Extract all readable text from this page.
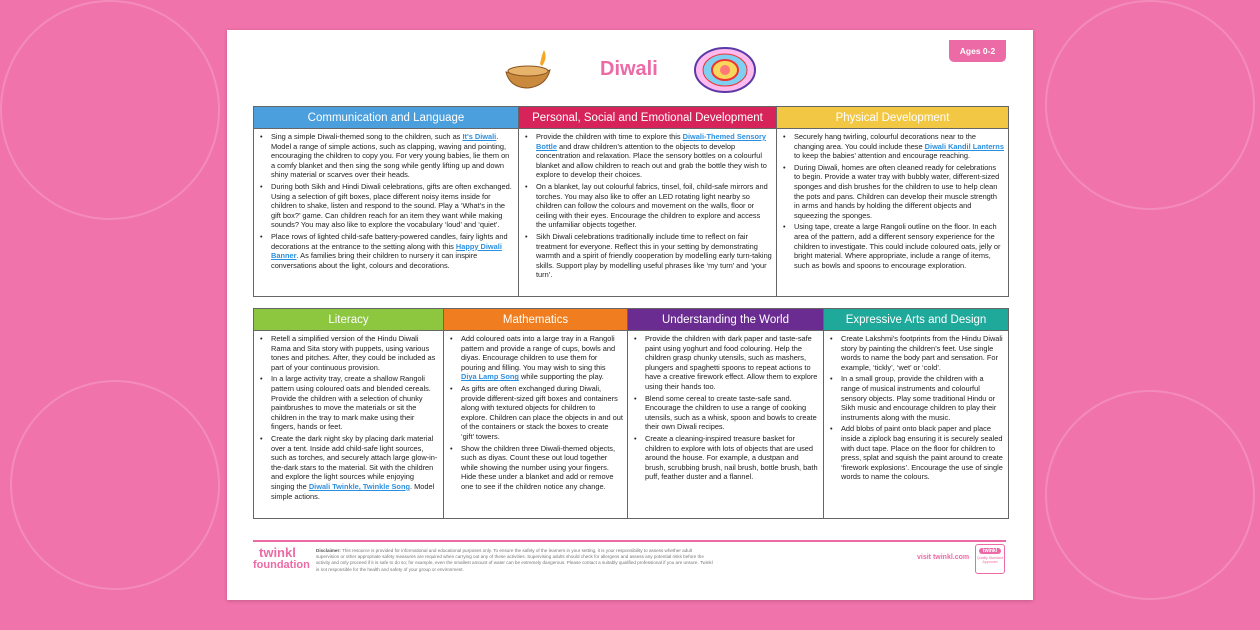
Diwali
Ages 0-2
Communication and Language
• Sing a simple Diwali-themed song to the children, such as It's Diwali. Model a range of simple actions, such as clapping, waving and pointing, encouraging the children to copy you. For very young babies, lie them on a comfy blanket and then sing the song while gently lifting up and down shiny material or scarves over their heads.
• During both Sikh and Hindi Diwali celebrations, gifts are often exchanged. Using a selection of gift boxes, place different noisy items inside for children to shake, listen and respond to the sound. Play a ‘What’s in the gift box?’ game. Can children reach for an item they want while making sounds? You may also like to explore the vocabulary ‘loud’ and ‘quiet’.
• Place rows of lighted child-safe battery-powered candles, fairy lights and decorations at the entrance to the setting along with this Happy Diwali Banner. As families bring their children to nursery it can inspire conversations about the light, colours and decorations.
Personal, Social and Emotional Development
• Provide the children with time to explore this Diwali-Themed Sensory Bottle and draw children’s attention to the objects to develop concentration and relaxation. Place the sensory bottles on a colourful blanket and allow children to reach out and grab the bottle they wish to explore to develop their choices.
• On a blanket, lay out colourful fabrics, tinsel, foil, child-safe mirrors and torches. You may also like to offer an LED rotating light nearby so children can follow the colours and movement on the walls, floor or ceiling with their eyes. Encourage the children to explore and access the unfamiliar objects together.
• Sikh Diwali celebrations traditionally include time to reflect on fair treatment for everyone. Reflect this in your setting by demonstrating warmth and a spirit of friendly cooperation by modelling early turn-taking skills. Support play by modelling useful phrases like ‘my turn’ and ‘your turn’.
Physical Development
• Securely hang twirling, colourful decorations near to the changing area. You could include these Diwali Kandil Lanterns to keep the babies’ attention and encourage reaching.
• During Diwali, homes are often cleaned ready for celebrations to begin. Provide a water tray with bubbly water, different-sized sponges and dish brushes for the children to use to help clean the pots and pans. Children can develop their muscle strength in arms and hands by holding the different objects and squeezing the sponges.
• Using tape, create a large Rangoli outline on the floor. In each area of the pattern, add a different sensory experience for the children to investigate. This could include coloured oats, jelly or bright material. Where appropriate, include a range of items, such as bowls and spoons to encourage exploration.
Literacy
• Retell a simplified version of the Hindu Diwali Rama and Sita story with puppets, using various tones and pitches. After, they could be included as part of your continuous provision.
• In a large activity tray, create a shallow Rangoli pattern using coloured oats and blended cereals. Provide the children with a selection of chunky paintbrushes to move the materials or sit the children in the tray to mark make using their fingers, hands or feet.
• Create the dark night sky by placing dark material over a tent. Inside add child-safe light sources, such as torches, and securely attach large glow-in-the-dark stars to the material. Sit with the children and explore the light sources while enjoying singing the Diwali Twinkle, Twinkle Song. Model simple actions.
Mathematics
• Add coloured oats into a large tray in a Rangoli pattern and provide a range of cups, bowls and diyas. Encourage children to use them for pouring and filling. You may wish to sing this Diya Lamp Song while supporting the play.
• As gifts are often exchanged during Diwali, provide different-sized gift boxes and containers along with textured objects for children to explore. Children can place the objects in and out of the containers or stack the boxes to create ‘gift’ towers.
• Show the children three Diwali-themed objects, such as diyas. Count these out loud together while showing the number using your fingers. Hide these under a blanket and add or remove one to see if the children notice any change.
Understanding the World
• Provide the children with dark paper and taste-safe paint using yoghurt and food colouring. Help the children grasp chunky utensils, such as mashers, plungers and spaghetti spoons to repeat actions to have a creative firework effect. Allow them to explore using their hands too.
• Blend some cereal to create taste-safe sand. Encourage the children to use a range of cooking utensils, such as a whisk, spoon and bowls to create their own Diwali recipes.
• Create a cleaning-inspired treasure basket for children to explore with lots of objects that are used around the house. For example, a dustpan and brush, scrubbing brush, nail brush, bottle brush, bath puff, feather duster and a flannel.
Expressive Arts and Design
• Create Lakshmi’s footprints from the Hindu Diwali story by painting the children’s feet. Use single words to name the body part and sensation. For example, ‘tickly’, ‘wet’ or ‘cold’.
• In a small group, provide the children with a range of musical instruments and colourful sensory objects. Play some traditional Hindu or Sikh music and encourage children to play their instruments along with the music.
• Add blobs of paint onto black paper and place inside a ziplock bag ensuring it is securely sealed with duct tape. Place on the floor for children to press, splat and squish the paint around to create ‘firework explosions’. Encourage the use of single words to name the colours.
twinkl
foundation
Disclaimer: This resource is provided for informational and educational purposes only. To ensure the safety of the learners in your setting, it is your responsibility to assess whether adult supervision or other appropriate safety measures are required when carrying out any of these activities. Supervising adults should check for allergens and assess any potential risks before the activity and only proceed if it is safe to do so; for example, even the smallest amount of water can be extremely dangerous. Please contact a suitably qualified professional if you are unsure. Twinkl is not responsible for the health and safety of your group or environment.
visit twinkl.com
twinkl
Quality Standard Approved
